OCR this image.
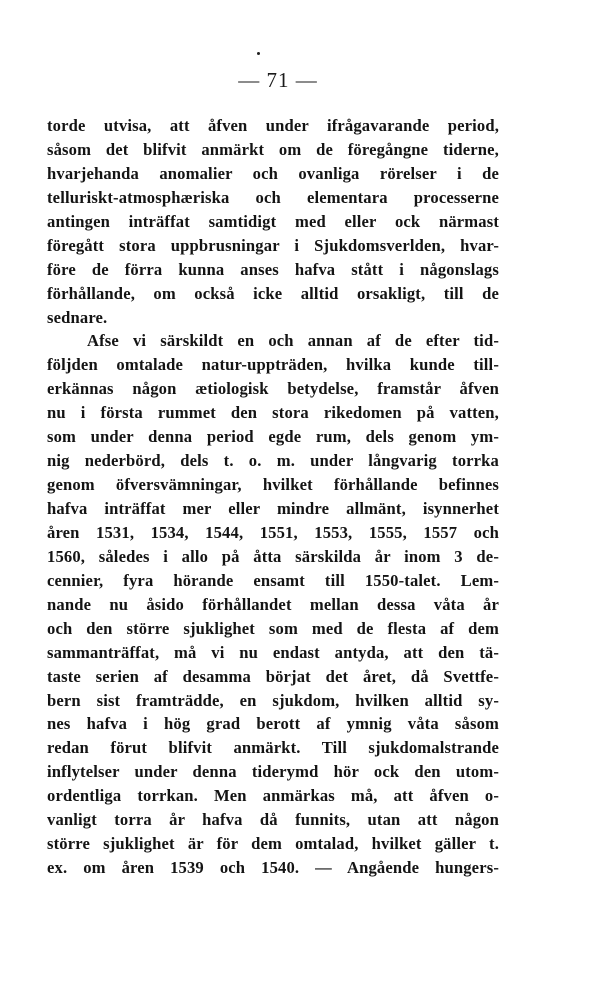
— 71 —
torde utvisa, att åfven under ifrågavarande period,
såsom det blifvit anmärkt om de föregångne tiderne,
hvarjehanda anomalier och ovanliga rörelser i de
telluriskt-atmosphæriska och elementara processerne
antingen inträffat samtidigt med eller ock närmast
föregått stora uppbrusningar i Sjukdomsverlden, hvar-
före de förra kunna anses hafva stått i någonslags
förhållande, om också icke alltid orsakligt, till de
sednare.
Afse vi särskildt en och annan af de efter tid-
följden omtalade natur-uppträden, hvilka kunde till-
erkännas någon ætiologisk betydelse, framstår åfven
nu i första rummet den stora rikedomen på vatten,
som under denna period egde rum, dels genom ym-
nig nederbörd, dels t. o. m. under långvarig torrka
genom öfversvämningar, hvilket förhållande befinnes
hafva inträffat mer eller mindre allmänt, isynnerhet
åren 1531, 1534, 1544, 1551, 1553, 1555, 1557 och
1560, således i allo på åtta särskilda år inom 3 de-
cennier, fyra hörande ensamt till 1550-talet. Lem-
nande nu åsido förhållandet mellan dessa våta år
och den större sjuklighet som med de flesta af dem
sammanträffat, må vi nu endast antyda, att den tä-
taste serien af desamma börjat det året, då Svettfe-
bern sist framträdde, en sjukdom, hvilken alltid sy-
nes hafva i hög grad berott af ymnig våta såsom
redan förut blifvit anmärkt. Till sjukdomalstrande
inflytelser under denna tiderymd hör ock den utom-
ordentliga torrkan. Men anmärkas må, att åfven o-
vanligt torra år hafva då funnits, utan att någon
större sjuklighet är för dem omtalad, hvilket gäller t.
ex. om åren 1539 och 1540. — Angående hungers-
